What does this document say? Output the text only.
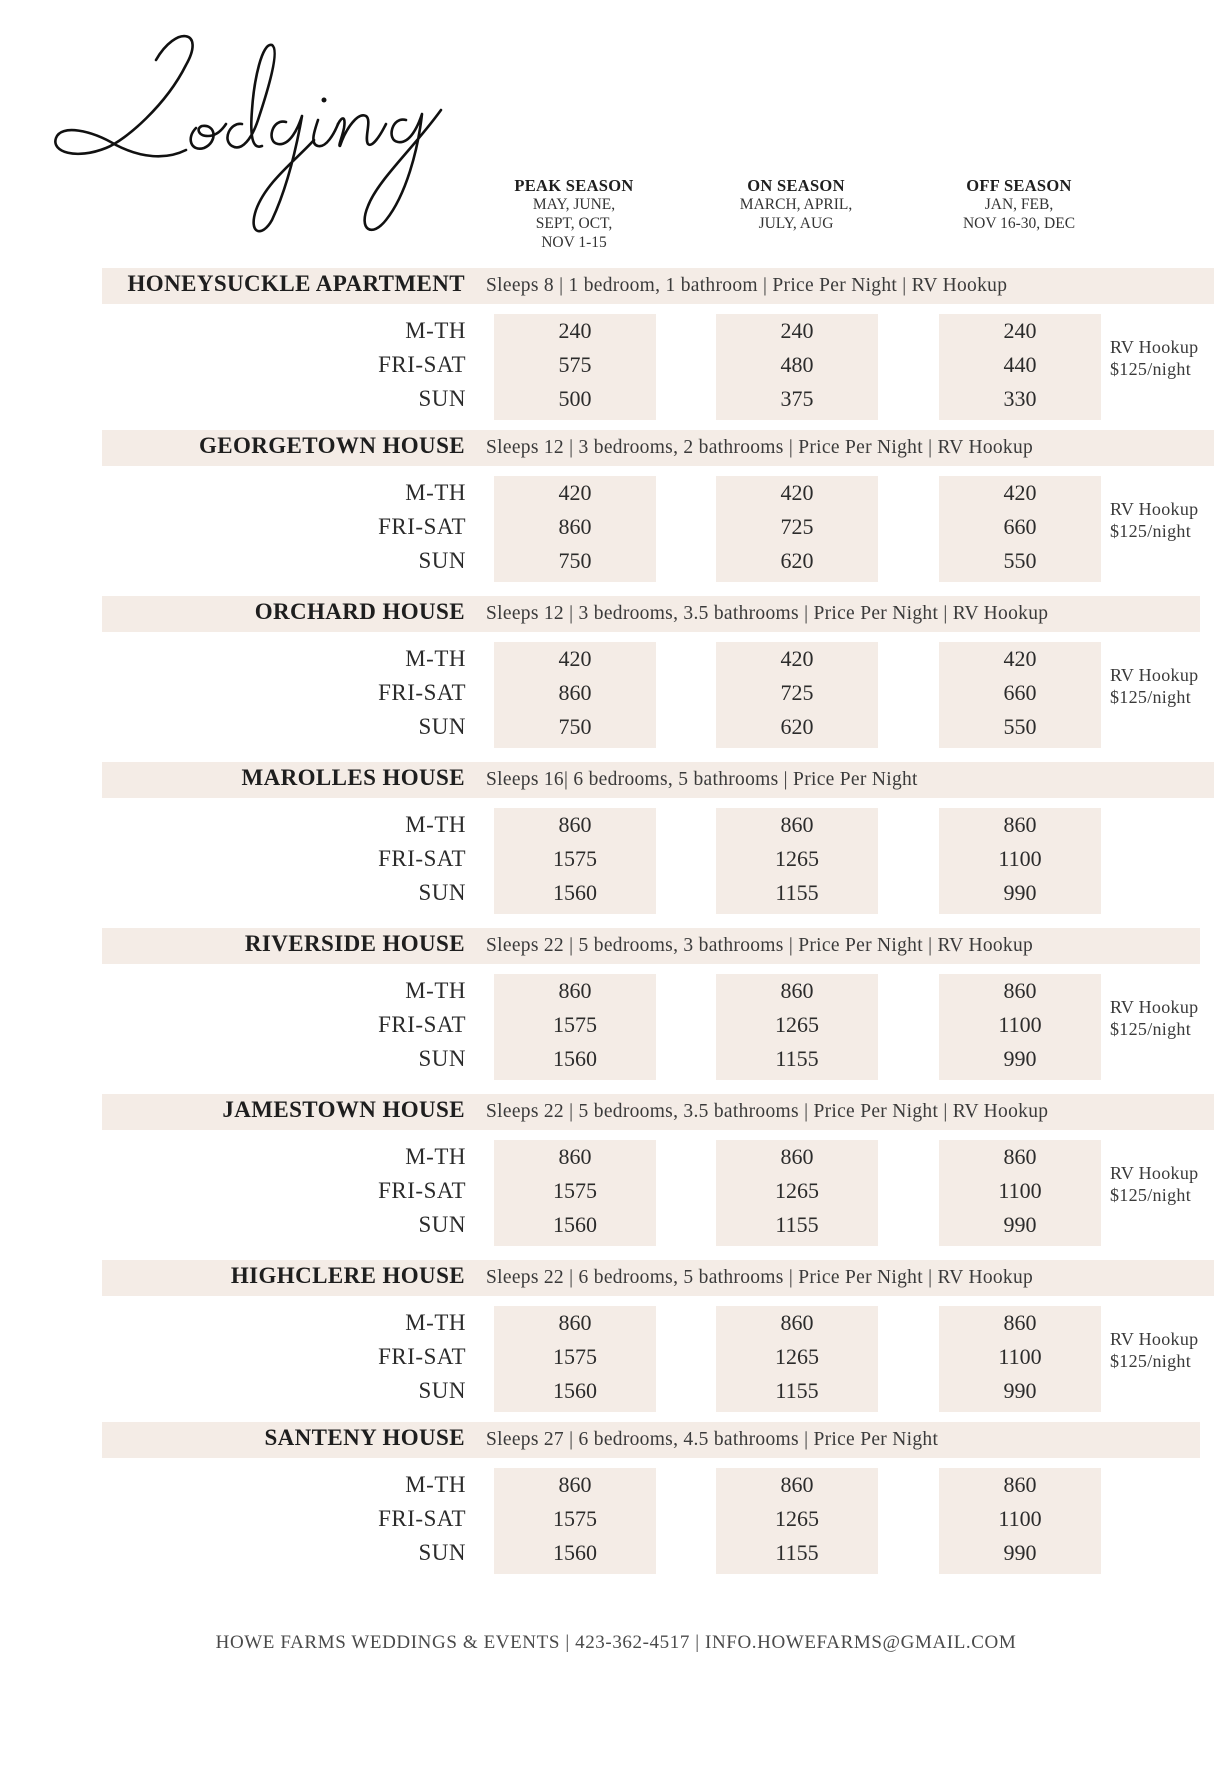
PEAK SEASON
MAY, JUNE,
SEPT, OCT,
NOV 1-15
ON SEASON
MARCH, APRIL,
JULY, AUG
OFF SEASON
JAN, FEB,
NOV 16-30, DEC
HONEYSUCKLE APARTMENT Sleeps 8 | 1 bedroom, 1 bathroom | Price Per Night | RV Hookup
M-TH
FRI-SAT
SUN
240
575
500
240
480
375
240
440
330
RV Hookup
$125/night
GEORGETOWN HOUSE Sleeps 12 | 3 bedrooms, 2 bathrooms | Price Per Night | RV Hookup
M-TH
FRI-SAT
SUN
420
860
750
420
725
620
420
660
550
RV Hookup
$125/night
ORCHARD HOUSE Sleeps 12 | 3 bedrooms, 3.5 bathrooms | Price Per Night | RV Hookup
M-TH
FRI-SAT
SUN
420
860
750
420
725
620
420
660
550
RV Hookup
$125/night
MAROLLES HOUSE Sleeps 16| 6 bedrooms, 5 bathrooms | Price Per Night
M-TH
FRI-SAT
SUN
860
1575
1560
860
1265
1155
860
1100
990
RIVERSIDE HOUSE Sleeps 22 | 5 bedrooms, 3 bathrooms | Price Per Night | RV Hookup
M-TH
FRI-SAT
SUN
860
1575
1560
860
1265
1155
860
1100
990
RV Hookup
$125/night
JAMESTOWN HOUSE Sleeps 22 | 5 bedrooms, 3.5 bathrooms | Price Per Night | RV Hookup
M-TH
FRI-SAT
SUN
860
1575
1560
860
1265
1155
860
1100
990
RV Hookup
$125/night
HIGHCLERE HOUSE Sleeps 22 | 6 bedrooms, 5 bathrooms | Price Per Night | RV Hookup
M-TH
FRI-SAT
SUN
860
1575
1560
860
1265
1155
860
1100
990
RV Hookup
$125/night
SANTENY HOUSE Sleeps 27 | 6 bedrooms, 4.5 bathrooms | Price Per Night
M-TH
FRI-SAT
SUN
860
1575
1560
860
1265
1155
860
1100
990
HOWE FARMS WEDDINGS & EVENTS | 423-362-4517 | INFO.HOWEFARMS@GMAIL.COM
